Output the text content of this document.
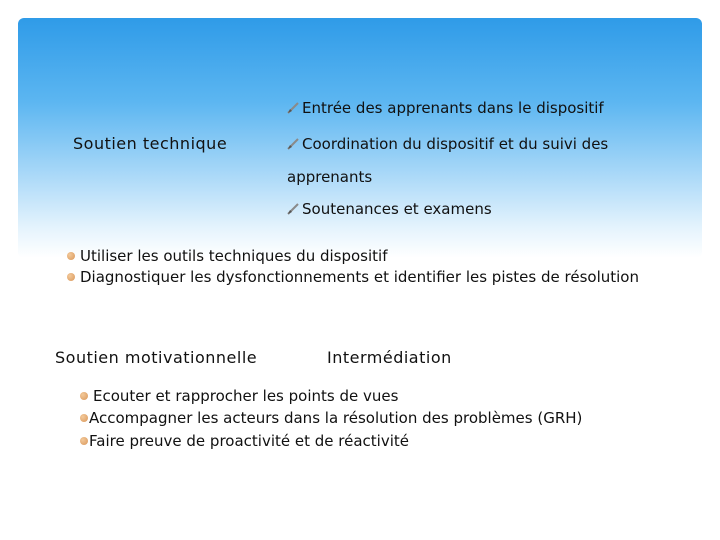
Soutien technique
Entrée des apprenants dans le dispositif
Coordination du dispositif et du suivi des
apprenants
Soutenances et examens
Utiliser les outils techniques du dispositif
Diagnostiquer les dysfonctionnements et identifier les pistes de résolution
Soutien motivationnelle	Intermédiation
Ecouter et rapprocher les points de vues
Accompagner les acteurs dans la résolution des problèmes (GRH)
Faire preuve de proactivité et de réactivité
